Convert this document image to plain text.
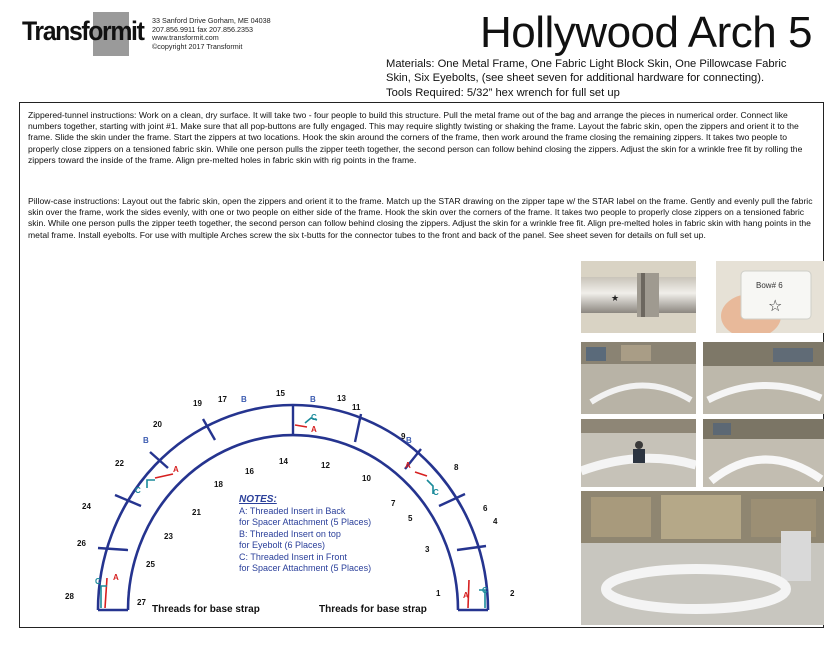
Transformit 33 Sanford Drive Gorham, ME 04038
207.856.9911 fax 207.856.2353
www.transformit.com
©copyright 2017 Transformit	Hollywood Arch 5
Materials: One Metal Frame, One Fabric Light Block Skin, One Pillowcase Fabric
Skin, Six Eyebolts, (see sheet seven for additional hardware for connecting).
Tools Required: 5/32” hex wrench for full set up
Zippered-tunnel instructions: Work on a clean, dry surface. It will take two - four people to build this structure. Pull the metal frame out of the bag and arrange the pieces in numerical order. Connect like numbers together, starting with joint #1. Make sure that all pop-buttons are fully engaged. This may require slightly twisting or shaking the frame. Layout the fabric skin, open the zippers and orient it to the frame. Slide the skin under the frame. Start the zippers at two locations. Hook the skin around the corners of the frame, then work around the frame closing the remaining zippers. It takes two people to properly close zippers on a tensioned fabric skin. While one person pulls the zipper teeth together, the second person can follow behind closing the zippers. Adjust the skin for a wrinkle free fit by rolling the zippers toward the inside of the frame. Align pre-melted holes in fabric skin with rig points in the frame.
Pillow-case instructions: Layout out the fabric skin, open the zippers and orient it to the frame. Match up the STAR drawing on the zipper tape w/ the STAR label on the frame. Gently and evenly pull the fabric skin over the frame, work the sides evenly, with one or two people on either side of the frame. Hook the skin over the corners of the frame. It takes two people to properly close zippers on a tensioned fabric skin. While one person pulls the zipper teeth together, the second person can follow behind closing the zippers. Adjust the skin for a wrinkle free fit. Align pre-melted holes in fabric skin with hang points in the metal frame. Install eyebolts. For use with multiple Arches screw the six t-butts for the connector tubes to the front and back of the panel. See sheet seven for details on full set up.
★
Bow# 6
☆
1	2
3
4
5
6
7
8
9
10
11
12
13
14
15
16
17
18
19
20
21
22
23
24
25
26
27
28
A
A	A
A
A
B	B
B	B
C
C	C
C
C
NOTES:
A: Threaded Insert in Back
for Spacer Attachment (5 Places)
B: Threaded Insert on top
for Eyebolt (6 Places)
C: Threaded Insert in Front
for Spacer Attachment (5 Places)
Threads for base strap	Threads for base strap
